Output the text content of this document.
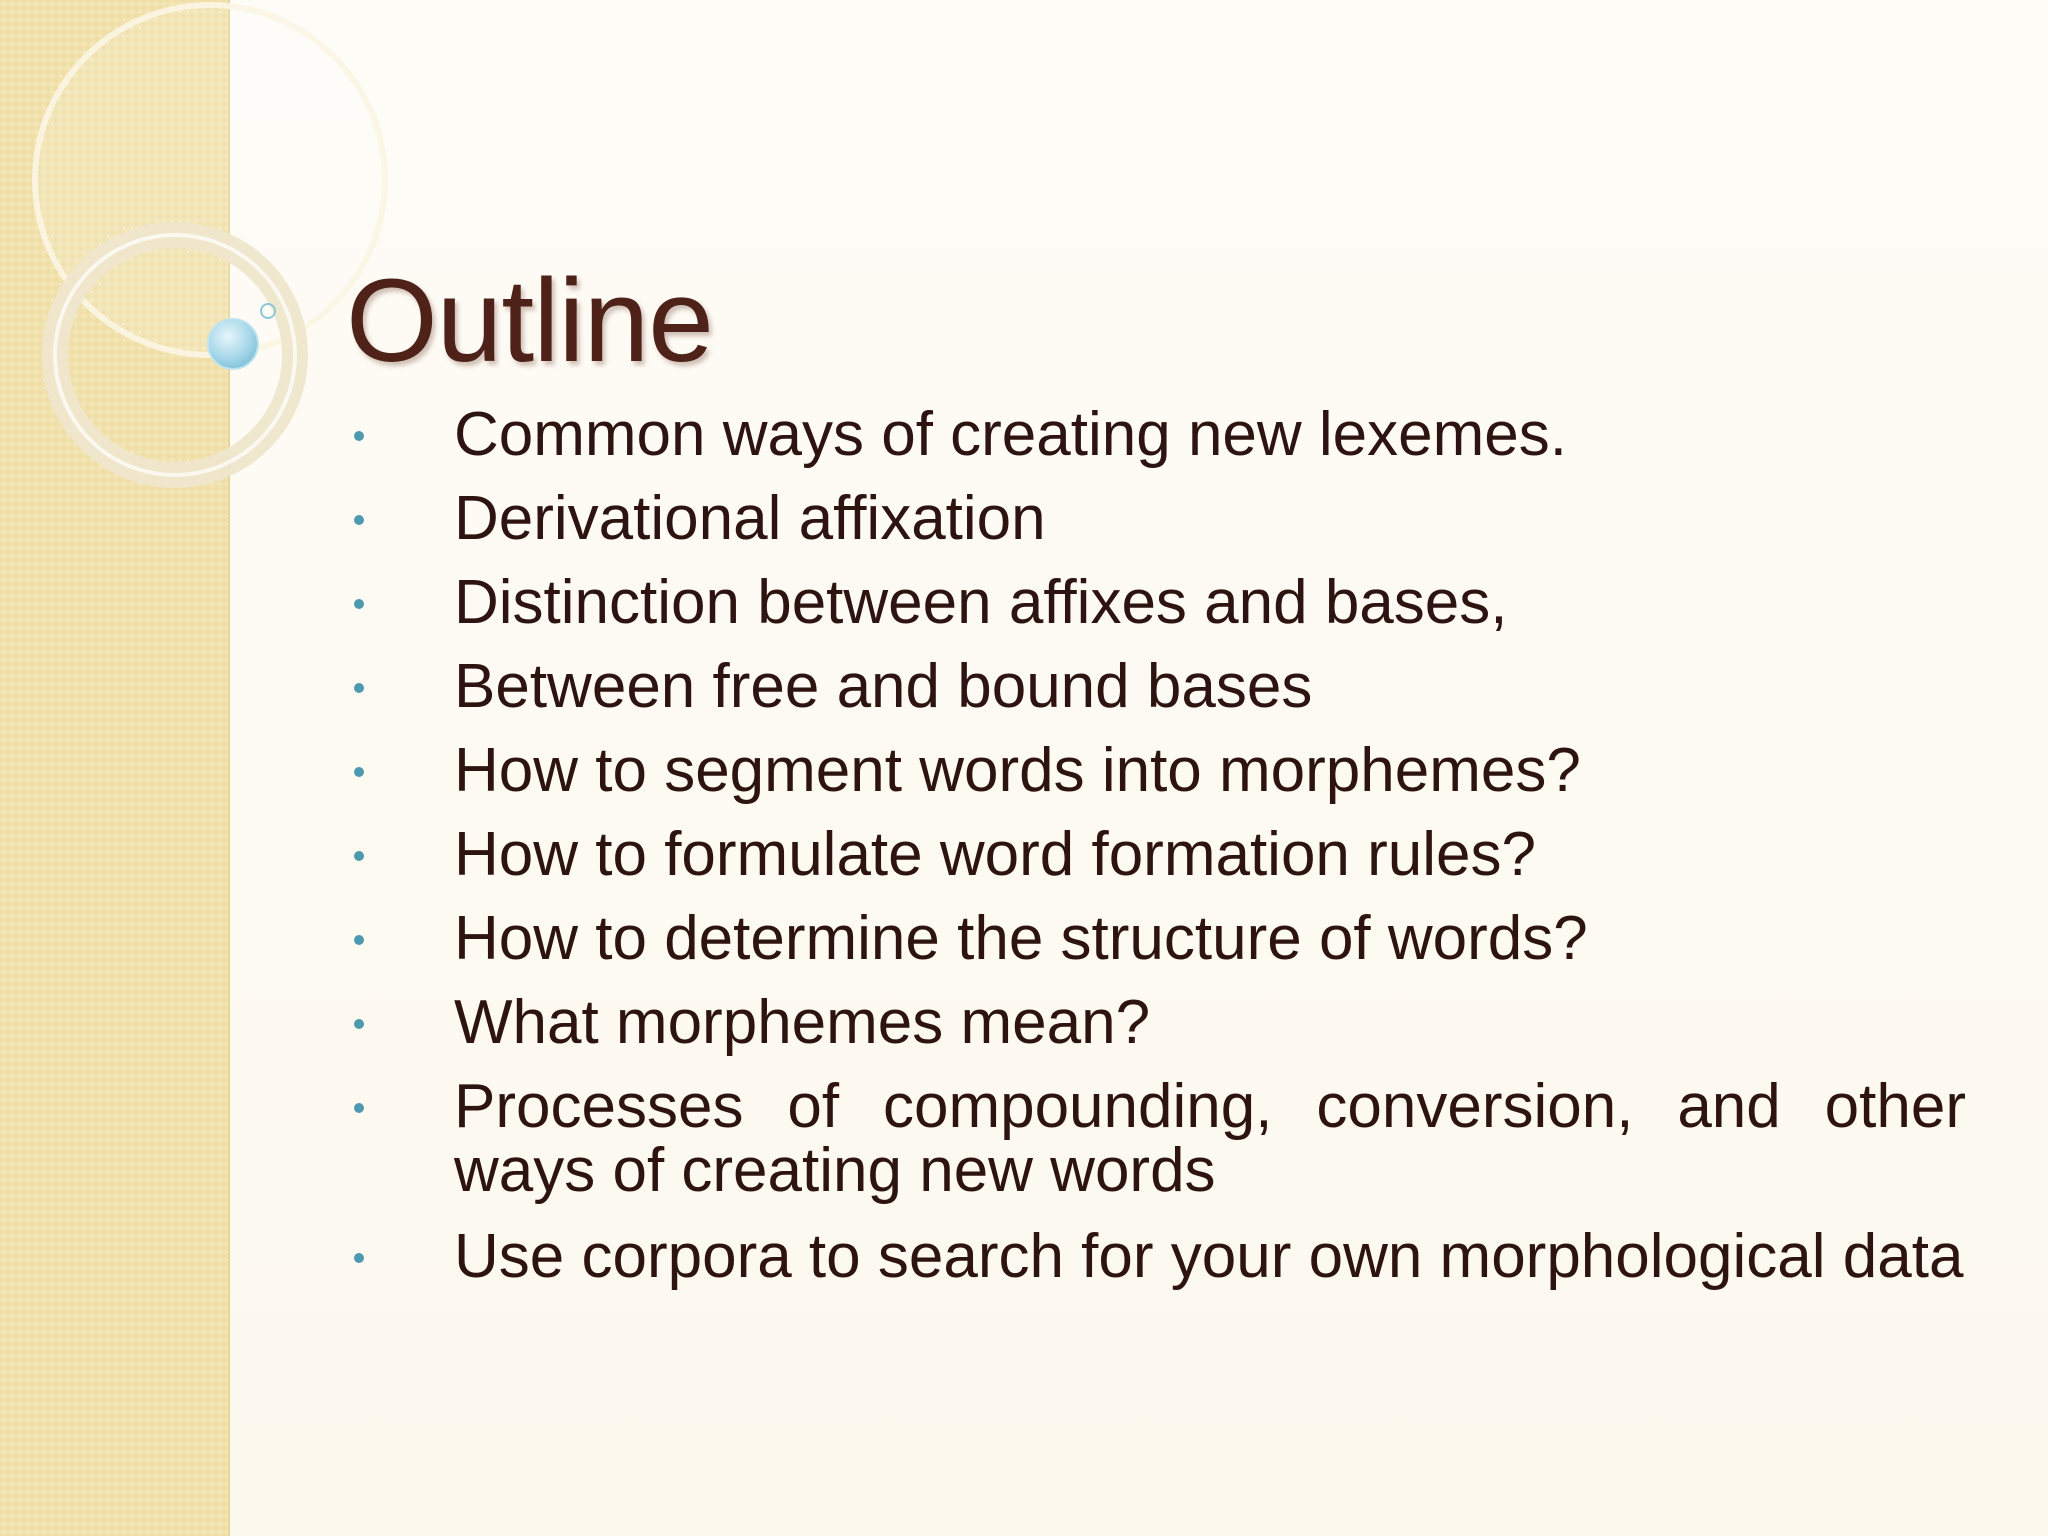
Outline
Common ways of creating new lexemes.
Derivational affixation
Distinction between affixes and bases,
Between free and bound bases
How to segment words into morphemes?
How to formulate word formation rules?
How to determine the structure of words?
What morphemes mean?
Processes of compounding, conversion, and other ways of creating new words
Use corpora to search for your own morphological data
